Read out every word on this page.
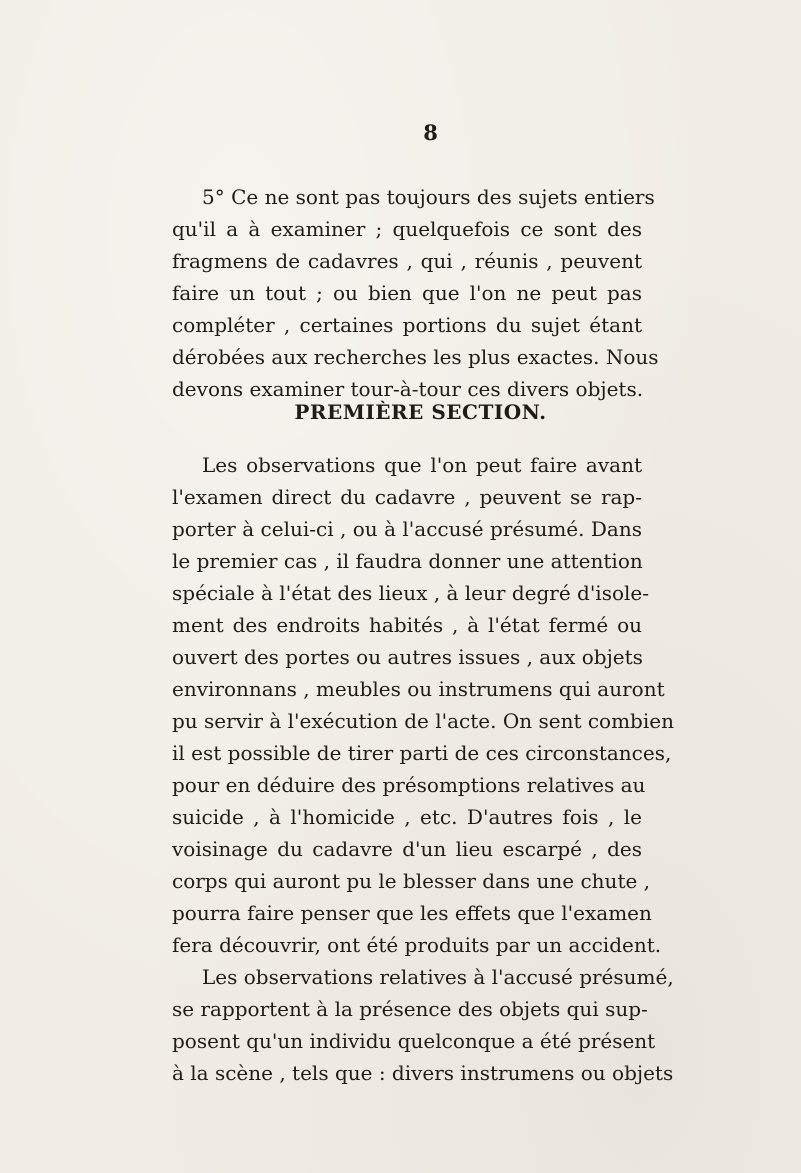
8
5° Ce ne sont pas toujours des sujets entiers
qu'il a à examiner ; quelquefois ce sont des
fragmens de cadavres , qui , réunis , peuvent
faire un tout ; ou bien que l'on ne peut pas
compléter , certaines portions du sujet étant
dérobées aux recherches les plus exactes. Nous
devons examiner tour-à-tour ces divers objets.
PREMIÈRE SECTION.
Les observations que l'on peut faire avant
l'examen direct du cadavre , peuvent se rap-
porter à celui-ci , ou à l'accusé présumé. Dans
le premier cas , il faudra donner une attention
spéciale à l'état des lieux , à leur degré d'isole-
ment des endroits habités , à l'état fermé ou
ouvert des portes ou autres issues , aux objets
environnans , meubles ou instrumens qui auront
pu servir à l'exécution de l'acte. On sent combien
il est possible de tirer parti de ces circonstances,
pour en déduire des présomptions relatives au
suicide , à l'homicide , etc. D'autres fois , le
voisinage du cadavre d'un lieu escarpé , des
corps qui auront pu le blesser dans une chute ,
pourra faire penser que les effets que l'examen
fera découvrir, ont été produits par un accident.
Les observations relatives à l'accusé présumé,
se rapportent à la présence des objets qui sup-
posent qu'un individu quelconque a été présent
à la scène , tels que : divers instrumens ou objets
